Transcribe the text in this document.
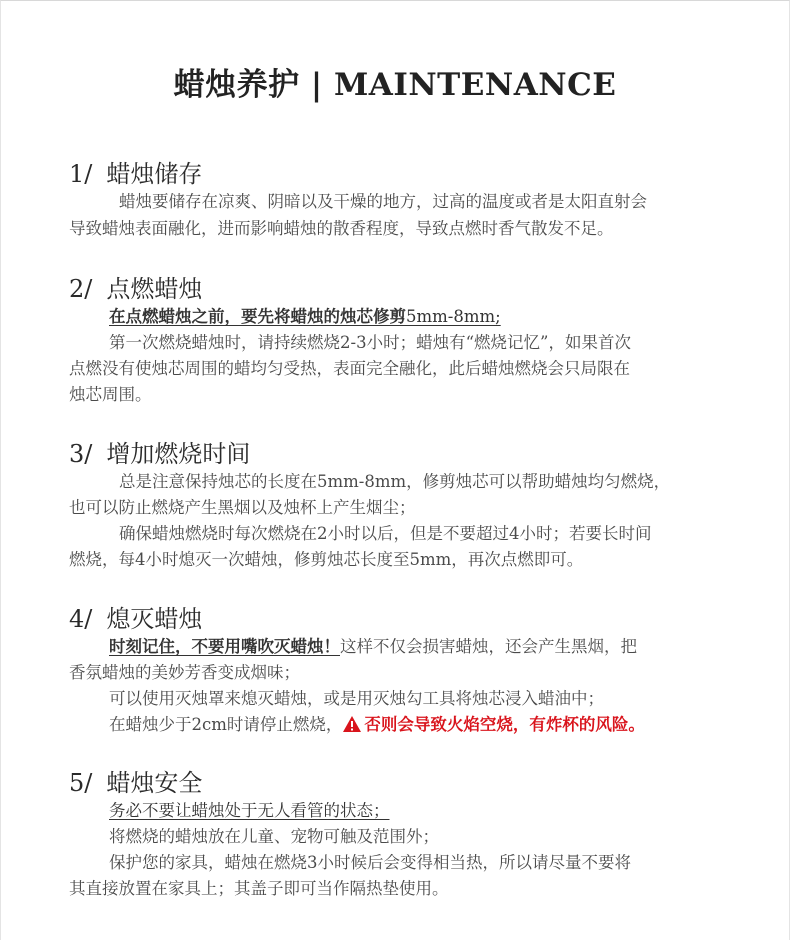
蜡烛养护 | MAINTENANCE
1/ 蜡烛储存
蜡烛要储存在凉爽、阴暗以及干燥的地方，过高的温度或者是太阳直射会
导致蜡烛表面融化，进而影响蜡烛的散香程度，导致点燃时香气散发不足。
2/ 点燃蜡烛
在点燃蜡烛之前，要先将蜡烛的烛芯修剪5mm-8mm;
第一次燃烧蜡烛时，请持续燃烧2-3小时；蜡烛有“燃烧记忆”，如果首次
点燃没有使烛芯周围的蜡均匀受热，表面完全融化，此后蜡烛燃烧会只局限在
烛芯周围。
3/ 增加燃烧时间
总是注意保持烛芯的长度在5mm-8mm，修剪烛芯可以帮助蜡烛均匀燃烧，
也可以防止燃烧产生黑烟以及烛杯上产生烟尘；
确保蜡烛燃烧时每次燃烧在2小时以后，但是不要超过4小时；若要长时间
燃烧，每4小时熄灭一次蜡烛，修剪烛芯长度至5mm，再次点燃即可。
4/ 熄灭蜡烛
时刻记住，不要用嘴吹灭蜡烛！这样不仅会损害蜡烛，还会产生黑烟，把
香氛蜡烛的美妙芳香变成烟味；
可以使用灭烛罩来熄灭蜡烛，或是用灭烛勾工具将烛芯浸入蜡油中；
在蜡烛少于2cm时请停止燃烧， 否则会导致火焰空烧，有炸杯的风险。
5/ 蜡烛安全
务必不要让蜡烛处于无人看管的状态；
将燃烧的蜡烛放在儿童、宠物可触及范围外；
保护您的家具，蜡烛在燃烧3小时候后会变得相当热，所以请尽量不要将
其直接放置在家具上；其盖子即可当作隔热垫使用。
